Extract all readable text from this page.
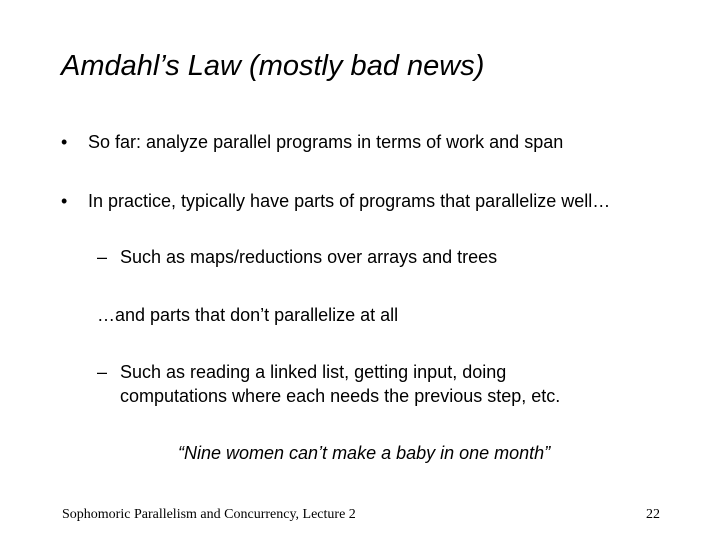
Amdahl’s Law (mostly bad news)
• So far: analyze parallel programs in terms of work and span
• In practice, typically have parts of programs that parallelize well…
– Such as maps/reductions over arrays and trees
…and parts that don’t parallelize at all
– Such as reading a linked list, getting input, doing
computations where each needs the previous step, etc.
“Nine women can’t make a baby in one month”
Sophomoric Parallelism and Concurrency, Lecture 2	22
